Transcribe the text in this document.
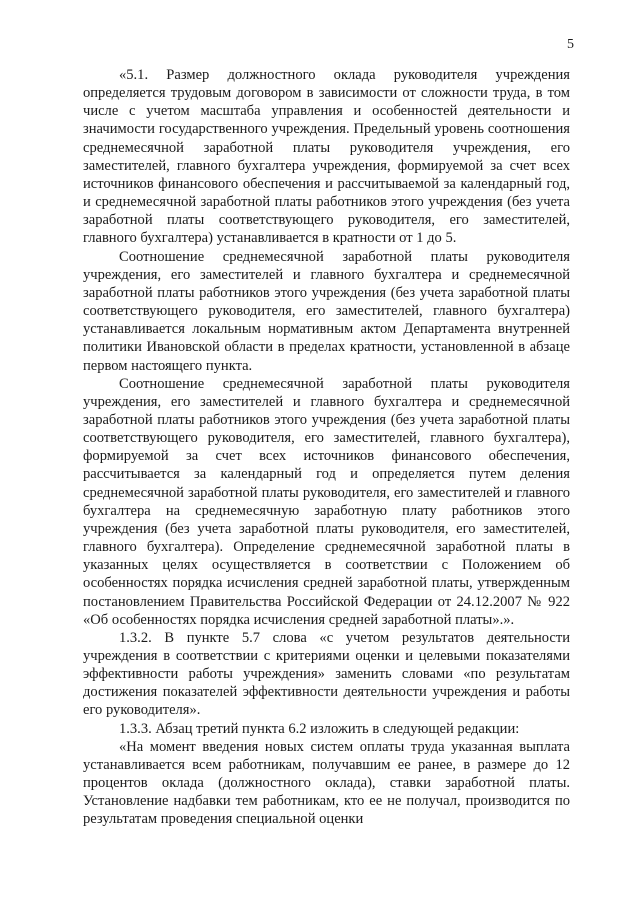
5

«5.1. Размер должностного оклада руководителя учреждения определяется трудовым договором в зависимости от сложности труда, в том числе с учетом масштаба управления и особенностей деятельности и значимости государственного учреждения. Предельный уровень соотношения среднемесячной заработной платы руководителя учреждения, его заместителей, главного бухгалтера учреждения, формируемой за счет всех источников финансового обеспечения и рассчитываемой за календарный год, и среднемесячной заработной платы работников этого учреждения (без учета заработной платы соответствующего руководителя, его заместителей, главного бухгалтера) устанавливается в кратности от 1 до 5.

Соотношение среднемесячной заработной платы руководителя учреждения, его заместителей и главного бухгалтера и среднемесячной заработной платы работников этого учреждения (без учета заработной платы соответствующего руководителя, его заместителей, главного бухгалтера) устанавливается локальным нормативным актом Департамента внутренней политики Ивановской области в пределах кратности, установленной в абзаце первом настоящего пункта.

Соотношение среднемесячной заработной платы руководителя учреждения, его заместителей и главного бухгалтера и среднемесячной заработной платы работников этого учреждения (без учета заработной платы соответствующего руководителя, его заместителей, главного бухгалтера), формируемой за счет всех источников финансового обеспечения, рассчитывается за календарный год и определяется путем деления среднемесячной заработной платы руководителя, его заместителей и главного бухгалтера на среднемесячную заработную плату работников этого учреждения (без учета заработной платы руководителя, его заместителей, главного бухгалтера). Определение среднемесячной заработной платы в указанных целях осуществляется в соответствии с Положением об особенностях порядка исчисления средней заработной платы, утвержденным постановлением Правительства Российской Федерации от 24.12.2007 № 922 «Об особенностях порядка исчисления средней заработной платы».».

1.3.2. В пункте 5.7 слова «с учетом результатов деятельности учреждения в соответствии с критериями оценки и целевыми показателями эффективности работы учреждения» заменить словами «по результатам достижения показателей эффективности деятельности учреждения и работы его руководителя».

1.3.3. Абзац третий пункта 6.2 изложить в следующей редакции:

«На момент введения новых систем оплаты труда указанная выплата устанавливается всем работникам, получавшим ее ранее, в размере до 12 процентов оклада (должностного оклада), ставки заработной платы. Установление надбавки тем работникам, кто ее не получал, производится по результатам проведения специальной оценки
